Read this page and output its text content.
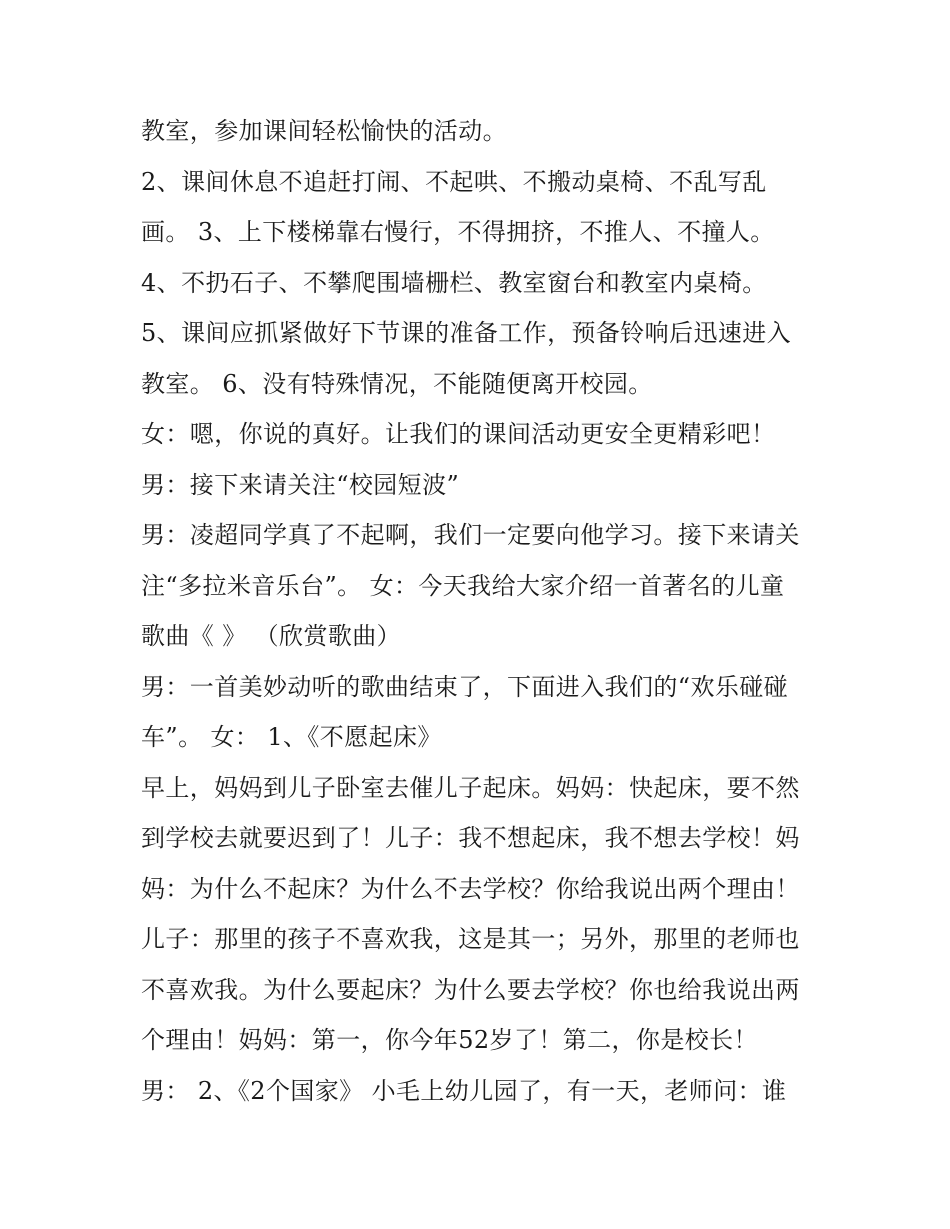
教室，参加课间轻松愉快的活动。

2、课间休息不追赶打闹、不起哄、不搬动桌椅、不乱写乱

画。 3、上下楼梯靠右慢行，不得拥挤，不推人、不撞人。

4、不扔石子、不攀爬围墙栅栏、教室窗台和教室内桌椅。

5、课间应抓紧做好下节课的准备工作，预备铃响后迅速进入

教室。 6、没有特殊情况，不能随便离开校园。

女：嗯，你说的真好。让我们的课间活动更安全更精彩吧！

男：接下来请关注“校园短波”

男：凌超同学真了不起啊，我们一定要向他学习。接下来请关

注“多拉米音乐台”。 女：今天我给大家介绍一首著名的儿童

歌曲《 》 （欣赏歌曲）

男：一首美妙动听的歌曲结束了，下面进入我们的“欢乐碰碰

车”。 女： 1、《不愿起床》

早上，妈妈到儿子卧室去催儿子起床。妈妈：快起床，要不然

到学校去就要迟到了！儿子：我不想起床，我不想去学校！妈

妈：为什么不起床？为什么不去学校？你给我说出两个理由！

儿子：那里的孩子不喜欢我，这是其一；另外，那里的老师也

不喜欢我。为什么要起床？为什么要去学校？你也给我说出两

个理由！妈妈：第一，你今年52岁了！第二，你是校长！

男： 2、《2个国家》 小毛上幼儿园了，有一天，老师问：谁
